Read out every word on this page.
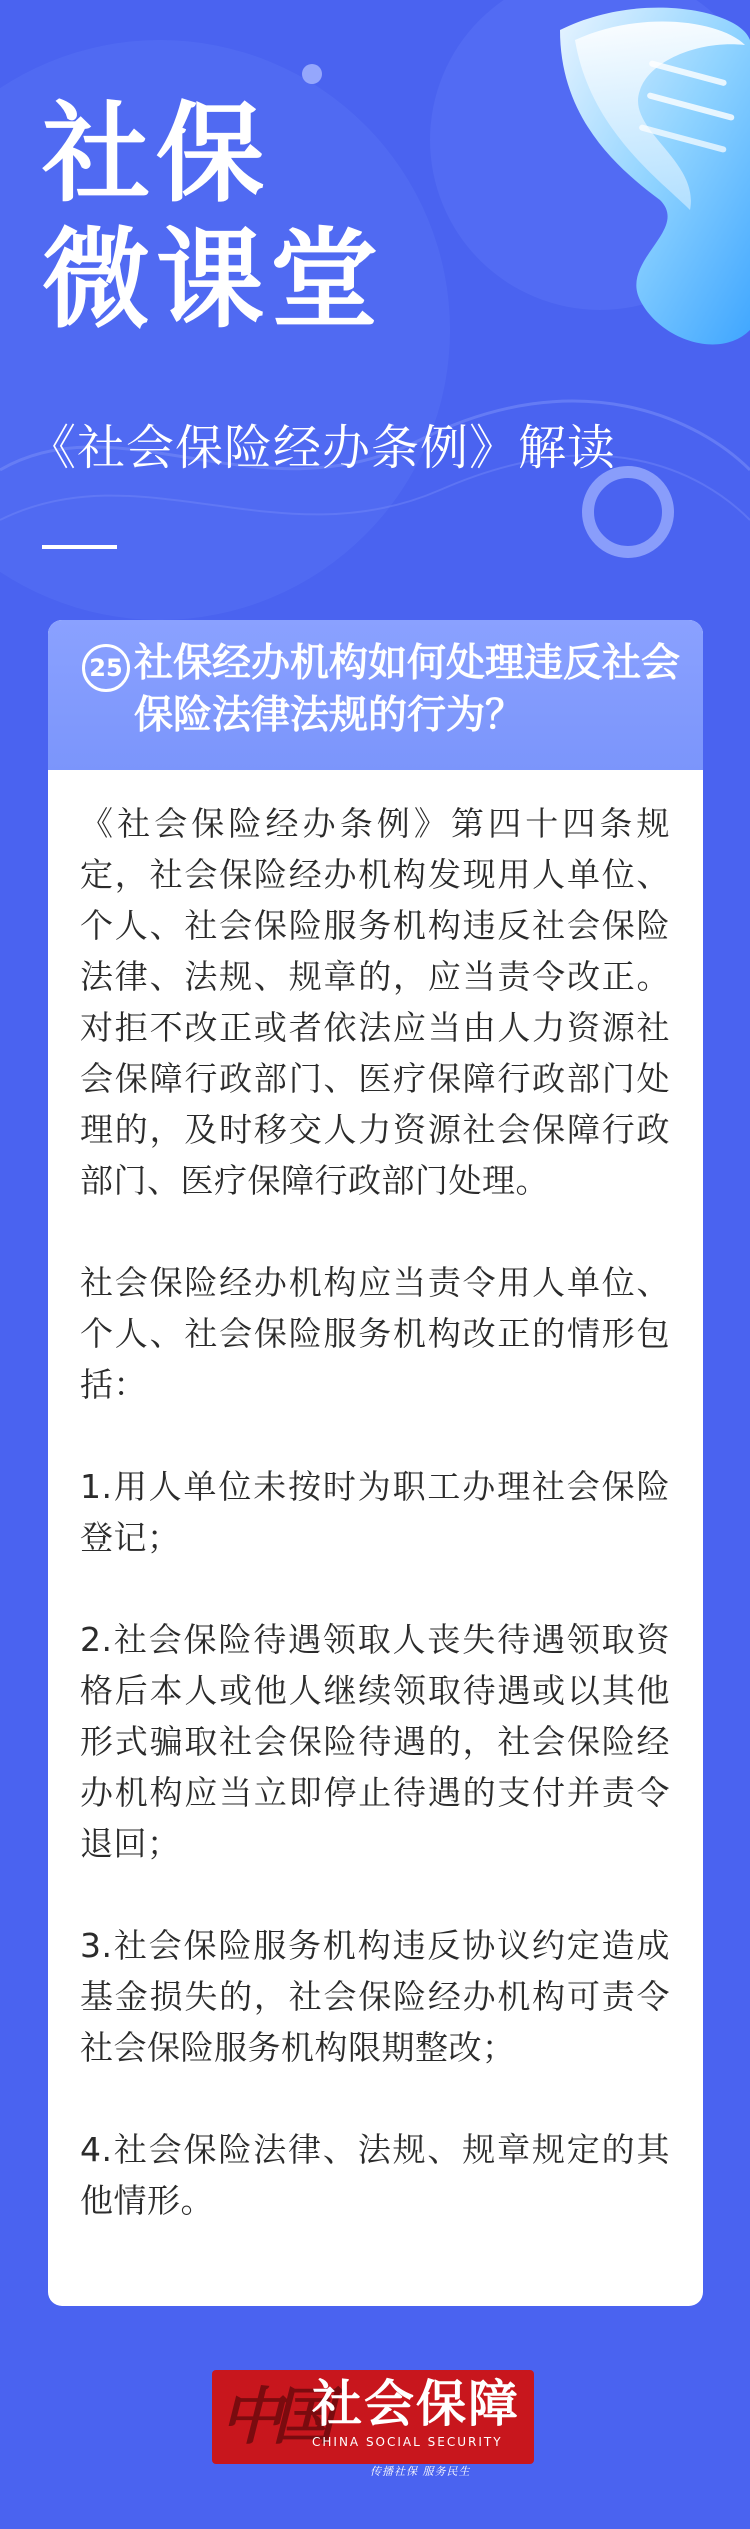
社保
微课堂
《社会保险经办条例》解读
25 社保经办机构如何处理违反社会保险法律法规的行为？

《社会保险经办条例》第四十四条规定，社会保险经办机构发现用人单位、个人、社会保险服务机构违反社会保险法律、法规、规章的，应当责令改正。对拒不改正或者依法应当由人力资源社会保障行政部门、医疗保障行政部门处理的，及时移交人力资源社会保障行政部门、医疗保障行政部门处理。

社会保险经办机构应当责令用人单位、个人、社会保险服务机构改正的情形包括：

1.用人单位未按时为职工办理社会保险登记；

2.社会保险待遇领取人丧失待遇领取资格后本人或他人继续领取待遇或以其他形式骗取社会保险待遇的，社会保险经办机构应当立即停止待遇的支付并责令退回；

3.社会保险服务机构违反协议约定造成基金损失的，社会保险经办机构可责令社会保险服务机构限期整改；

4.社会保险法律、法规、规章规定的其他情形。

中国
社会保障
CHINA SOCIAL SECURITY
传播社保 服务民生
